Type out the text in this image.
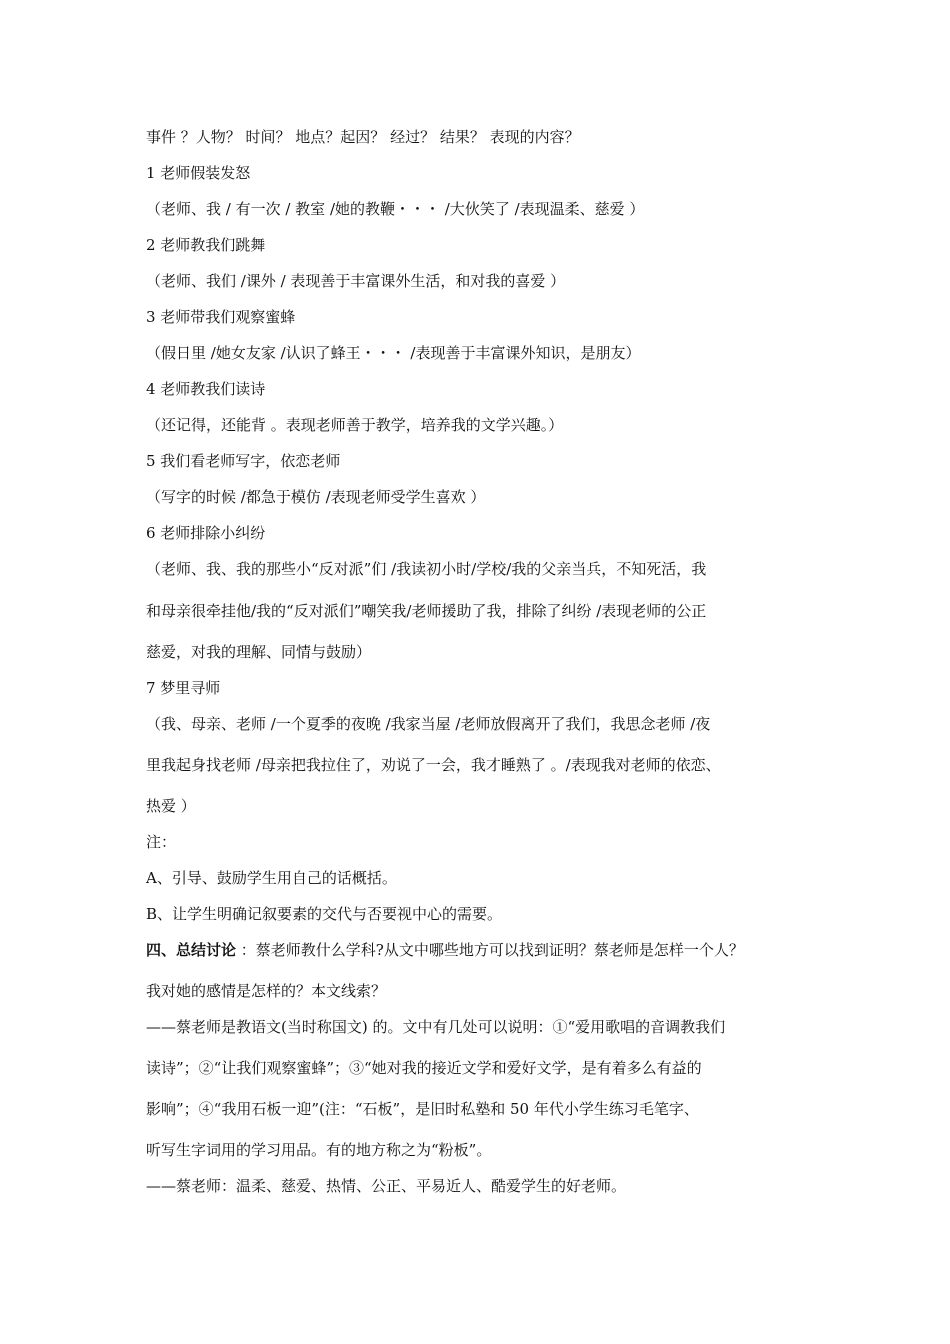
事件 ？人物？ 时间？ 地点？起因？ 经过？ 结果？ 表现的内容？
1 老师假装发怒
（老师、我 / 有一次 / 教室 /她的教鞭・・・ /大伙笑了 /表现温柔、慈爱 ）
2 老师教我们跳舞
（老师、我们 /课外 / 表现善于丰富课外生活，和对我的喜爱 ）
3 老师带我们观察蜜蜂
（假日里 /她女友家 /认识了蜂王・・・ /表现善于丰富课外知识，是朋友）
4 老师教我们读诗
（还记得，还能背 。表现老师善于教学，培养我的文学兴趣。）
5 我们看老师写字，依恋老师
（写字的时候 /都急于模仿 /表现老师受学生喜欢 ）
6 老师排除小纠纷
（老师、我、我的那些小“反对派”们 /我读初小时/学校/我的父亲当兵，不知死活，我
和母亲很牵挂他/我的“反对派们”嘲笑我/老师援助了我，排除了纠纷 /表现老师的公正
慈爱，对我的理解、同情与鼓励）
7 梦里寻师
（我、母亲、老师 /一个夏季的夜晚 /我家当屋 /老师放假离开了我们，我思念老师 /夜
里我起身找老师 /母亲把我拉住了，劝说了一会，我才睡熟了 。/表现我对老师的依恋、
热爱 ）
注：
A、引导、鼓励学生用自己的话概括。
B、让学生明确记叙要素的交代与否要视中心的需要。
四、总结讨论 ：蔡老师教什么学科?从文中哪些地方可以找到证明？蔡老师是怎样一个人？
我对她的感情是怎样的？本文线索？
——蔡老师是教语文(当时称国文) 的。文中有几处可以说明：①“爱用歌唱的音调教我们
读诗”；②“让我们观察蜜蜂”；③“她对我的接近文学和爱好文学，是有着多么有益的
影响”；④“我用石板一迎”(注：“石板”，是旧时私塾和 50 年代小学生练习毛笔字、
听写生字词用的学习用品。有的地方称之为“粉板”。
——蔡老师：温柔、慈爱、热情、公正、平易近人、酷爱学生的好老师。
